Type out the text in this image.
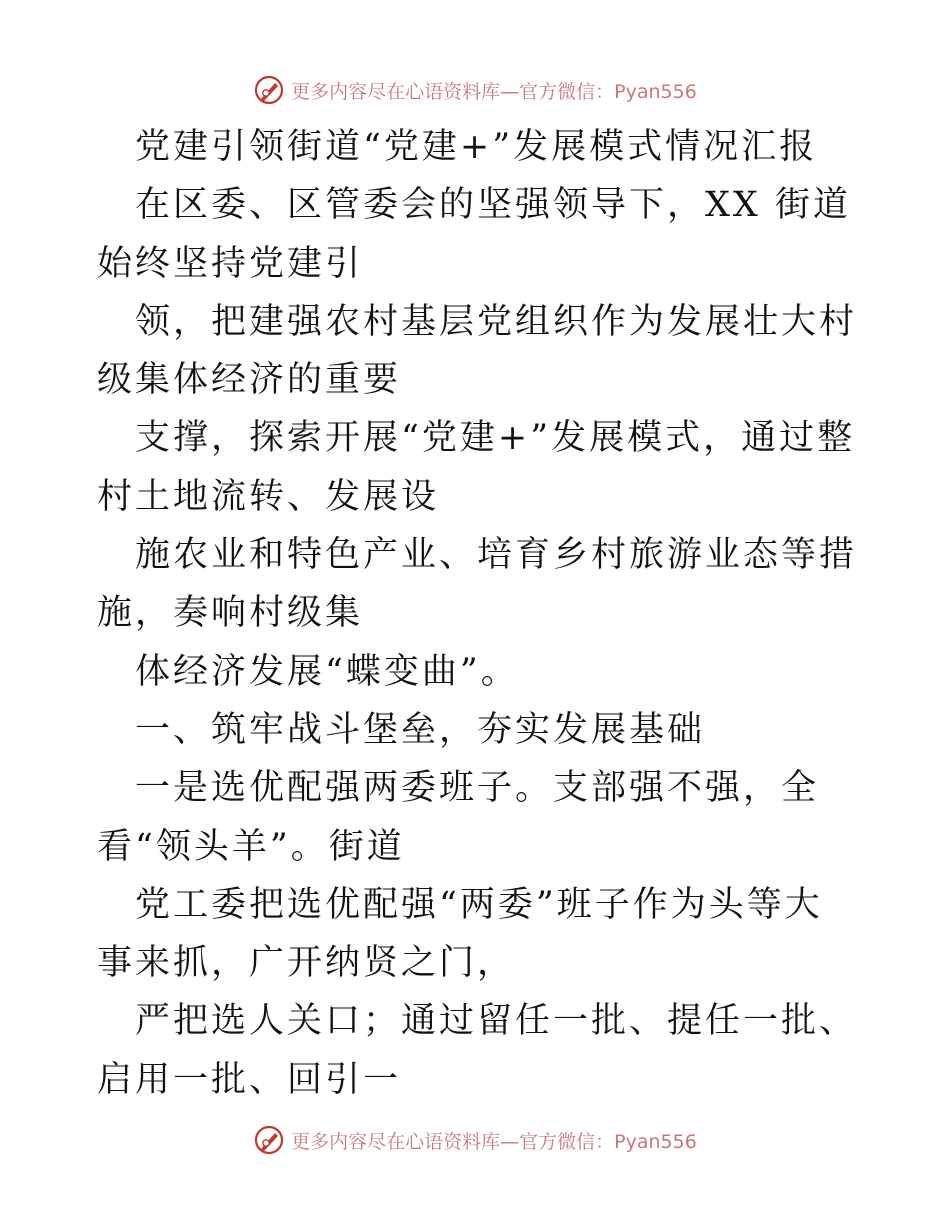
更多内容尽在心语资料库—官方微信：Pyan556

党建引领街道“党建+”发展模式情况汇报

在区委、区管委会的坚强领导下，XX 街道始终坚持党建引

领，把建强农村基层党组织作为发展壮大村级集体经济的重要

支撑，探索开展“党建+”发展模式，通过整村土地流转、发展设

施农业和特色产业、培育乡村旅游业态等措施，奏响村级集

体经济发展“蝶变曲”。

一、筑牢战斗堡垒，夯实发展基础

一是选优配强两委班子。支部强不强，全看“领头羊”。街道

党工委把选优配强“两委”班子作为头等大事来抓，广开纳贤之门，

严把选人关口；通过留任一批、提任一批、启用一批、回引一

更多内容尽在心语资料库—官方微信：Pyan556
